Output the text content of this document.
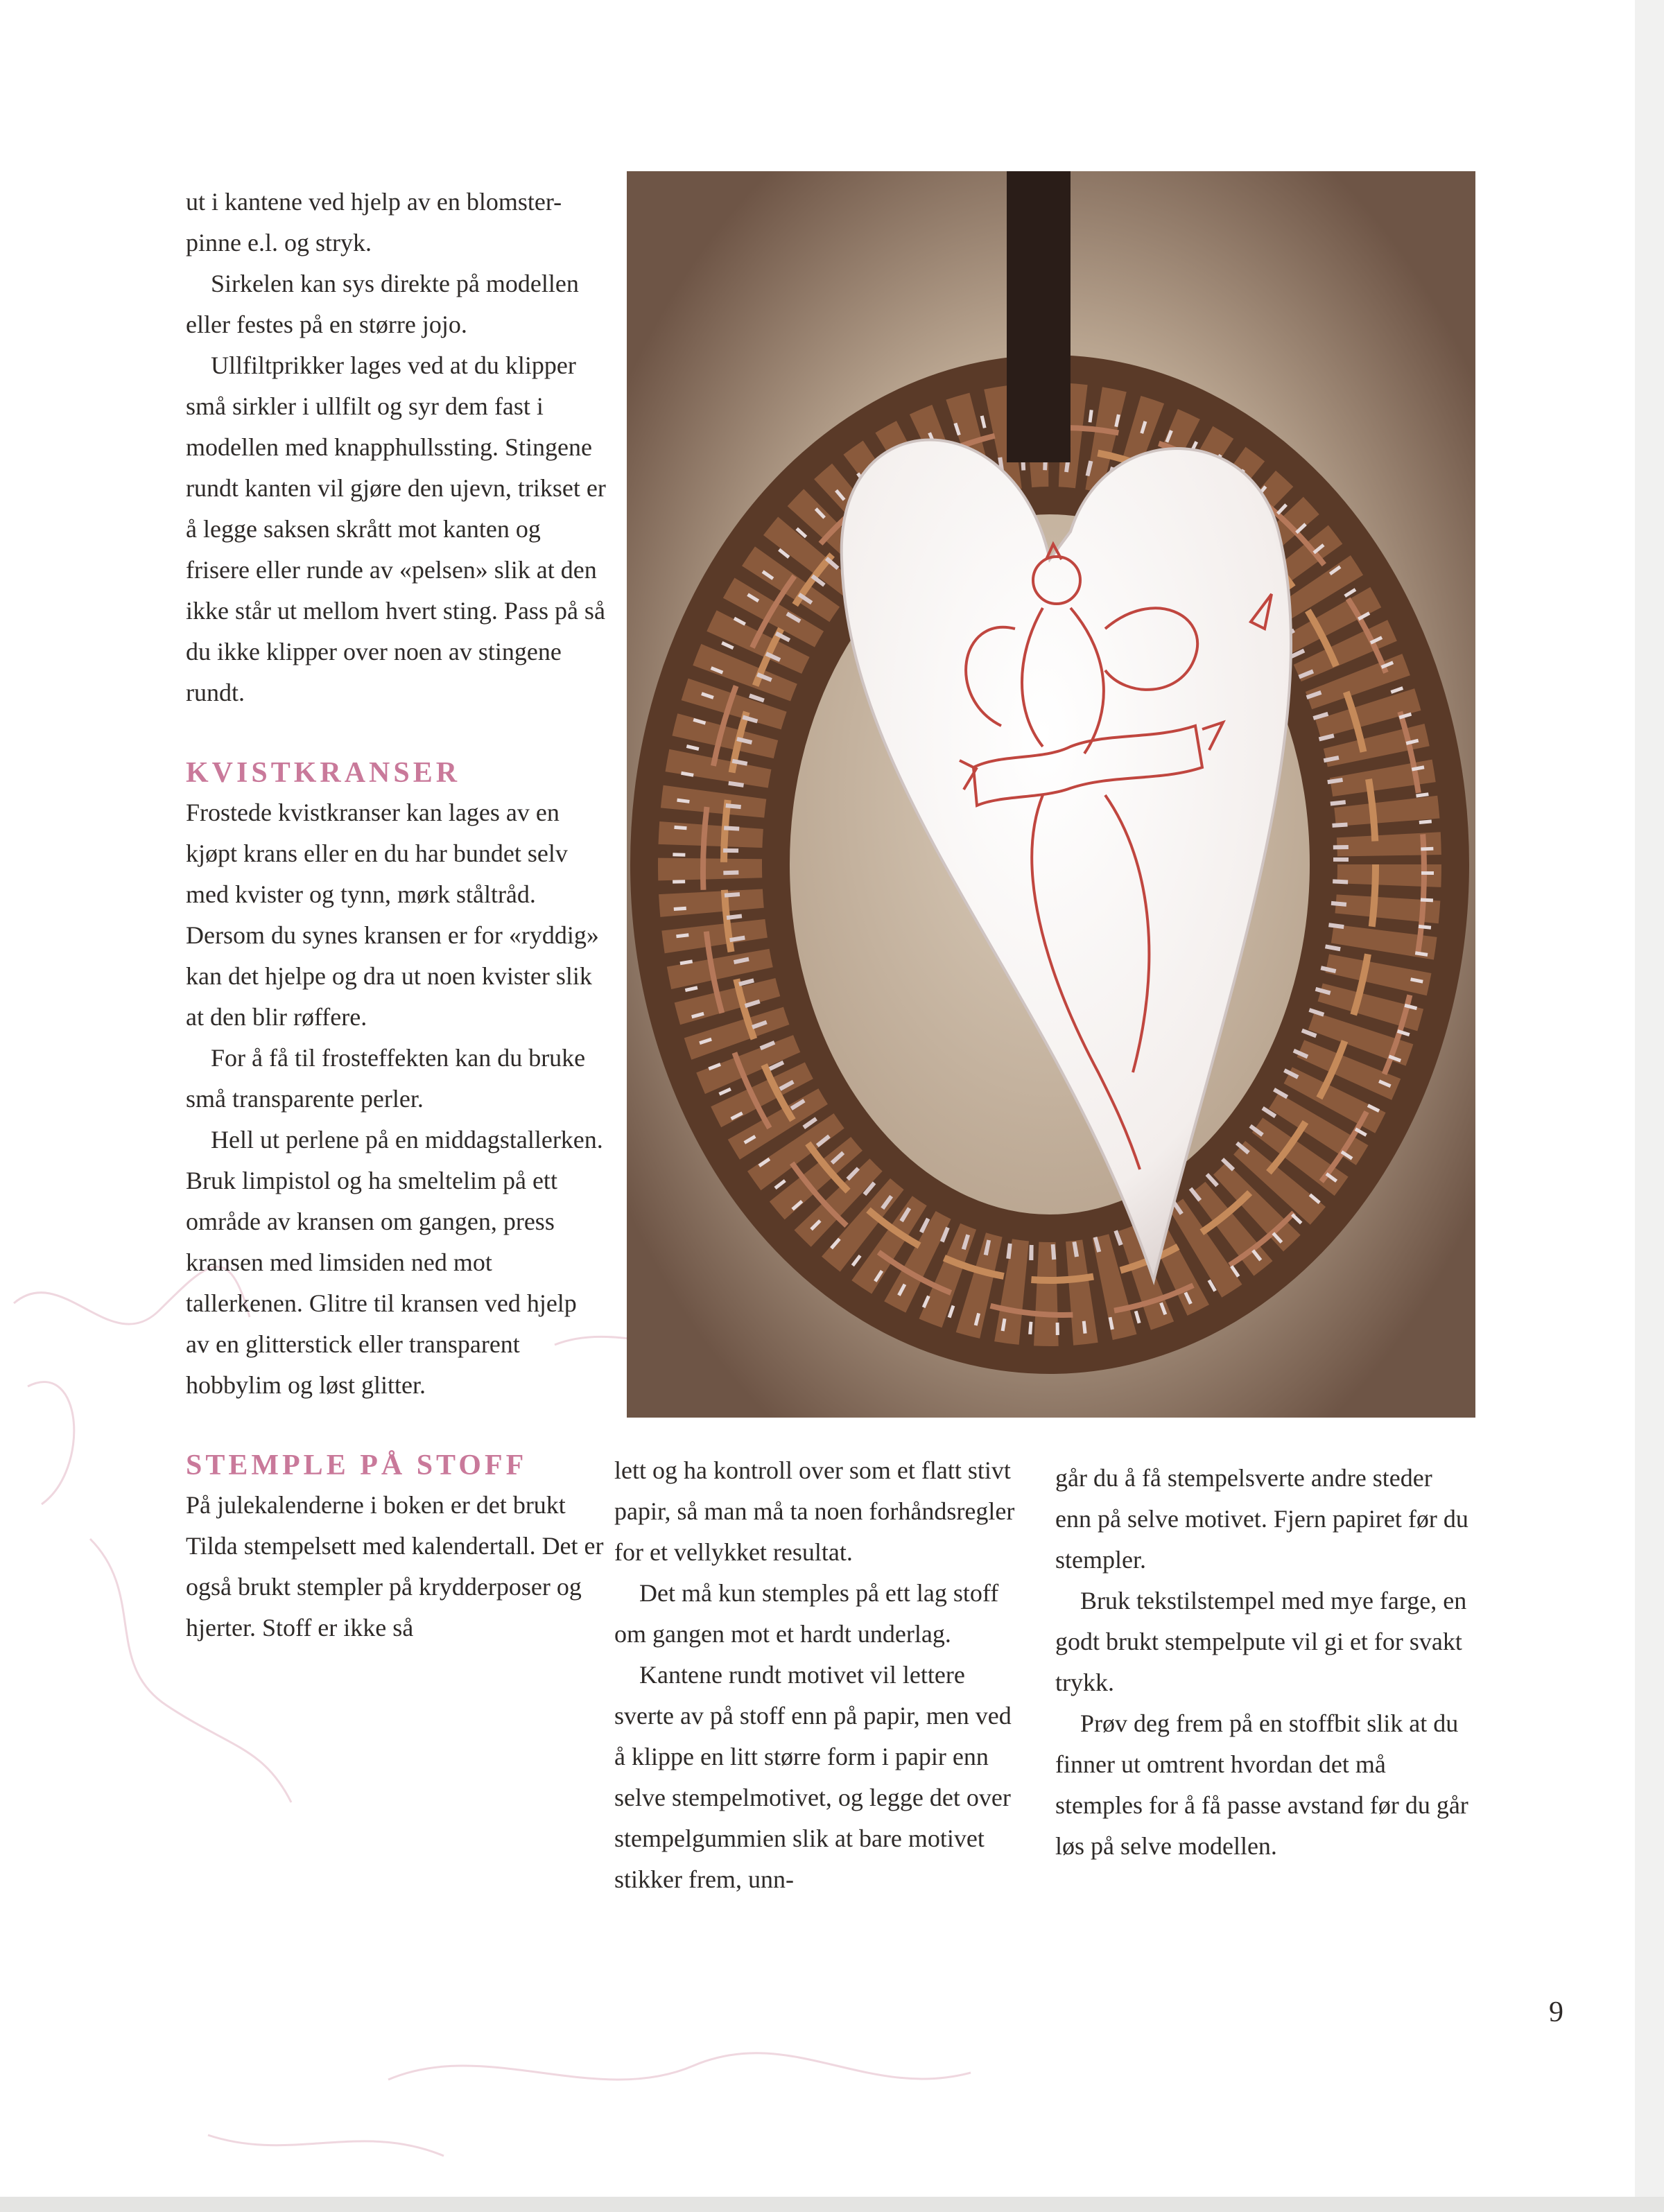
ut i kantene ved hjelp av en blomster-pinne e.l. og stryk.

Sirkelen kan sys direkte på modellen eller festes på en større jojo.

Ullfiltprikker lages ved at du klipper små sirkler i ullfilt og syr dem fast i modellen med knapphullssting. Stingene rundt kanten vil gjøre den ujevn, trikset er å legge saksen skrått mot kanten og frisere eller runde av «pelsen» slik at den ikke står ut mellom hvert sting. Pass på så du ikke klipper over noen av stingene rundt.

KVISTKRANSER

Frostede kvistkranser kan lages av en kjøpt krans eller en du har bundet selv med kvister og tynn, mørk ståltråd. Dersom du synes kransen er for «ryddig» kan det hjelpe og dra ut noen kvister slik at den blir røffere.

For å få til frosteffekten kan du bruke små transparente perler.

Hell ut perlene på en middagstallerken. Bruk limpistol og ha smeltelim på ett område av kransen om gangen, press kransen med limsiden ned mot tallerkenen. Glitre til kransen ved hjelp av en glitterstick eller transparent hobbylim og løst glitter.

STEMPLE PÅ STOFF

På julekalenderne i boken er det brukt Tilda stempelsett med kalendertall. Det er også brukt stempler på krydderposer og hjerter. Stoff er ikke så

lett og ha kontroll over som et flatt stivt papir, så man må ta noen forhåndsregler for et vellykket resultat.

Det må kun stemples på ett lag stoff om gangen mot et hardt underlag.

Kantene rundt motivet vil lettere sverte av på stoff enn på papir, men ved å klippe en litt større form i papir enn selve stempelmotivet, og legge det over stempelgummien slik at bare motivet stikker frem, unn-

går du å få stempelsverte andre steder enn på selve motivet. Fjern papiret før du stempler.

Bruk tekstilstempel med mye farge, en godt brukt stempelpute vil gi et for svakt trykk.

Prøv deg frem på en stoffbit slik at du finner ut omtrent hvordan det må stemples for å få passe avstand før du går løs på selve modellen.

9
